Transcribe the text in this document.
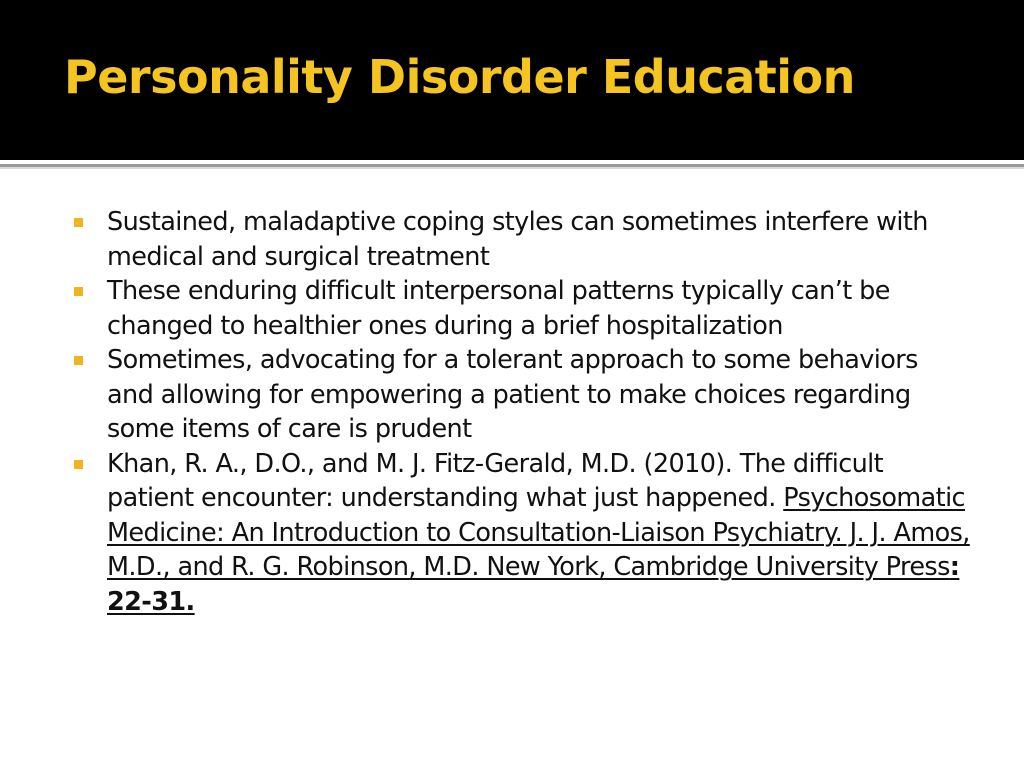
Personality Disorder Education
Sustained, maladaptive coping styles can sometimes interfere with medical and surgical treatment
These enduring difficult interpersonal patterns typically can’t be changed to healthier ones during a brief hospitalization
Sometimes, advocating for a tolerant approach to some behaviors and allowing for empowering a patient to make choices regarding some items of care is prudent
Khan, R. A., D.O., and M. J. Fitz-Gerald, M.D. (2010). The difficult patient encounter: understanding what just happened. Psychosomatic Medicine: An Introduction to Consultation-Liaison Psychiatry. J. J. Amos, M.D., and R. G. Robinson, M.D. New York, Cambridge University Press: 22-31.
